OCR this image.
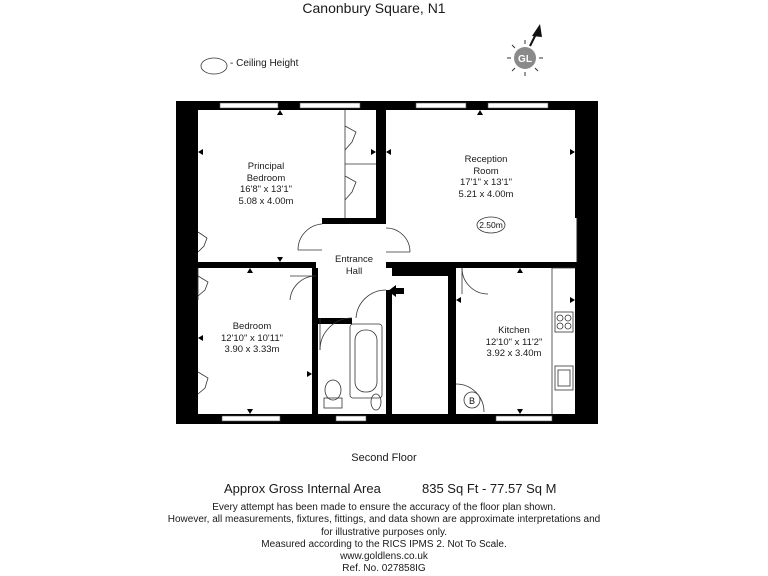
Canonbury Square, N1
GL
B
2.50m
- Ceiling Height
Principal
Bedroom
16'8" x 13'1"
5.08 x 4.00m
Reception
Room
17'1" x 13'1"
5.21 x 4.00m
Entrance
Hall
Bedroom
12'10" x 10'11"
3.90 x 3.33m
Kitchen
12'10" x 11'2"
3.92 x 3.40m
Second Floor
Approx Gross Internal Area	835 Sq Ft - 77.57 Sq M
Every attempt has been made to ensure the accuracy of the floor plan shown.
However, all measurements, fixtures, fittings, and data shown are approximate interpretations and
for illustrative purposes only.
Measured according to the RICS IPMS 2. Not To Scale.
www.goldlens.co.uk
Ref. No. 027858IG
